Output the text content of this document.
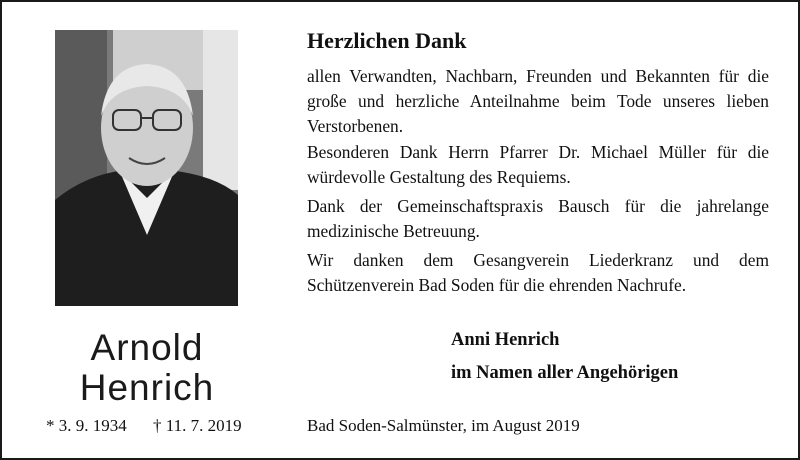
Arnold
Henrich
* 3. 9. 1934 † 11. 7. 2019
Herzlichen Dank
allen Verwandten, Nachbarn, Freunden und Bekannten für die große und herzliche Anteilnahme beim Tode unseres lieben Verstorbenen.
Besonderen Dank Herrn Pfarrer Dr. Michael Müller für die würdevolle Gestaltung des Requiems.
Dank der Gemeinschaftspraxis Bausch für die jahrelange medizinische Betreuung.
Wir danken dem Gesangverein Liederkranz und dem Schützenverein Bad Soden für die ehrenden Nachrufe.
Anni Henrich
im Namen aller Angehörigen
Bad Soden-Salmünster, im August 2019
